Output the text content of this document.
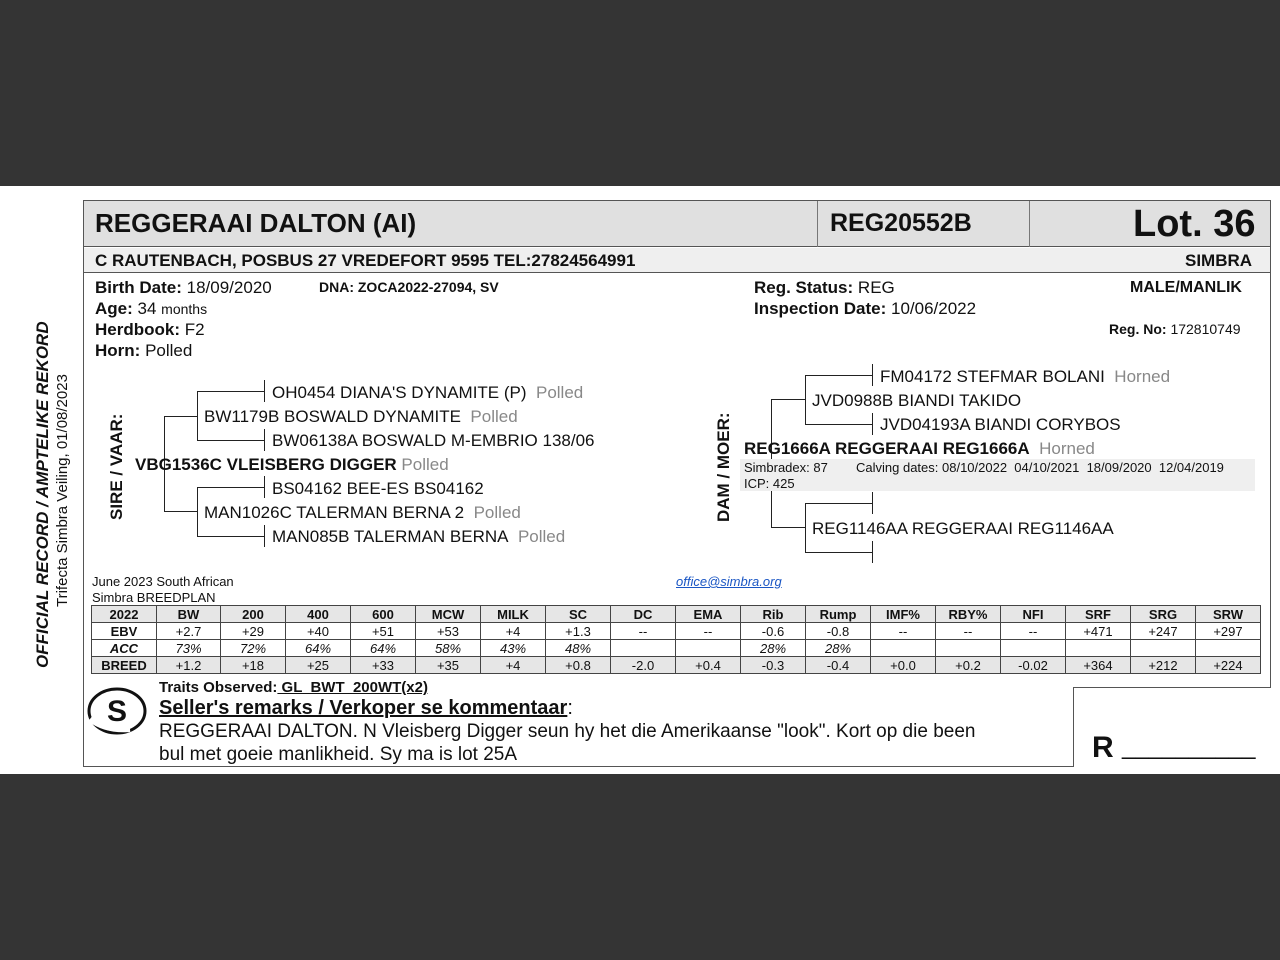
REGGERAAI DALTON (AI)	REG20552B	Lot. 36
C RAUTENBACH, POSBUS 27 VREDEFORT 9595 TEL:27824564991	SIMBRA
Birth Date: 18/09/2020	DNA: ZOCA2022-27094, SV
Age: 34 months
Herdbook: F2
Horn: Polled
Reg. Status: REG
Inspection Date: 10/06/2022
MALE/MANLIK
Reg. No: 172810749
OFFICIAL RECORD / AMPTELIKE REKORD Trifecta Simbra Veiling, 01/08/2023 SIRE / VAAR:	DAM / MOER:
OH0454 DIANA'S DYNAMITE (P) Polled
BW1179B BOSWALD DYNAMITE Polled
BW06138A BOSWALD M-EMBRIO 138/06
VBG1536C VLEISBERG DIGGER Polled
BS04162 BEE-ES BS04162
MAN1026C TALERMAN BERNA 2 Polled
MAN085B TALERMAN BERNA Polled
FM04172 STEFMAR BOLANI Horned
JVD0988B BIANDI TAKIDO
JVD04193A BIANDI CORYBOS
REG1666A REGGERAAI REG1666A Horned
Simbradex: 87 Calving dates: 08/10/2022  04/10/2021  18/09/2020  12/04/2019
ICP: 425
REG1146AA REGGERAAI REG1146AA
June 2023 South African
Simbra BREEDPLAN
office@simbra.org
2022	BW	200	400	600	MCW	MILK	SC	DC	EMA	Rib	Rump	IMF%	RBY%	NFI	SRF	SRG	SRW
EBV	+2.7	+29	+40	+51	+53	+4	+1.3	--	--	-0.6	-0.8	--	--	--	+471	+247	+297
ACC	73%	72%	64%	64%	58%	43%	48%			28%	28%						
BREED	+1.2	+18	+25	+33	+35	+4	+0.8	-2.0	+0.4	-0.3	-0.4	+0.0	+0.2	-0.02	+364	+212	+224
S
Traits Observed: GL  BWT  200WT(x2)
Seller's remarks / Verkoper se kommentaar:
REGGERAAI DALTON. N Vleisberg Digger seun hy het die Amerikaanse "look". Kort op die been
bul met goeie manlikheid. Sy ma is lot 25A	R __________
